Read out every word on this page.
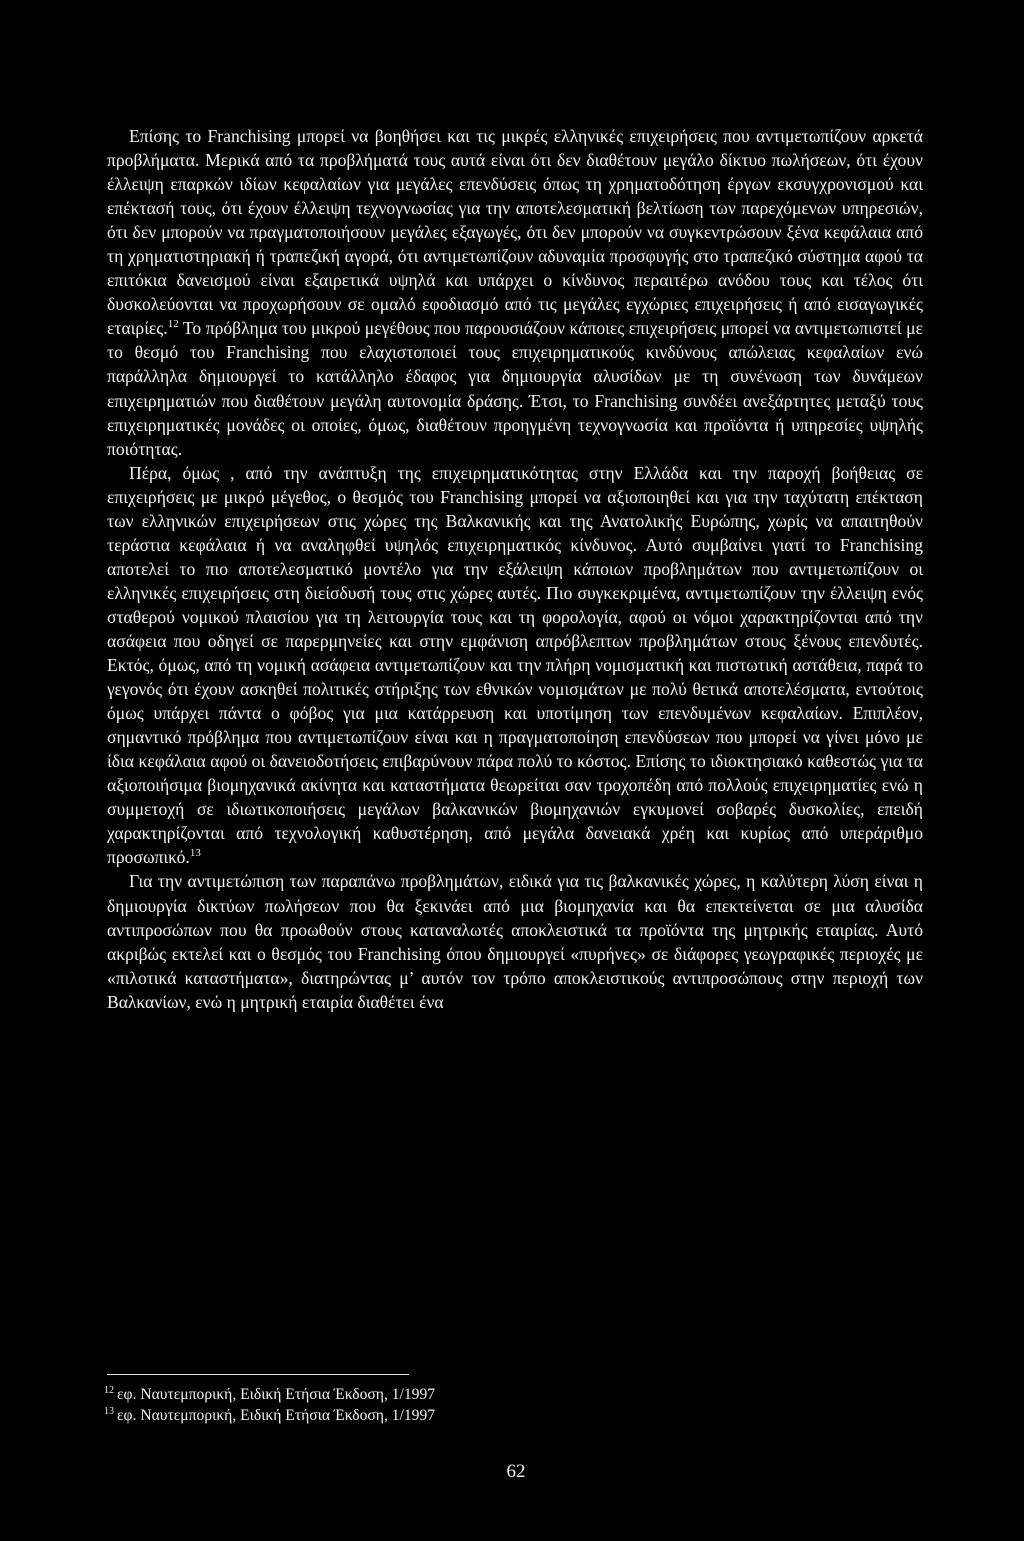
Επίσης το Franchising μπορεί να βοηθήσει και τις μικρές ελληνικές επιχειρήσεις που αντιμετωπίζουν αρκετά προβλήματα. Μερικά από τα προβλήματά τους αυτά είναι ότι δεν διαθέτουν μεγάλο δίκτυο πωλήσεων, ότι έχουν έλλειψη επαρκών ιδίων κεφαλαίων για μεγάλες επενδύσεις όπως τη χρηματοδότηση έργων εκσυγχρονισμού και επέκτασή τους, ότι έχουν έλλειψη τεχνογνωσίας για την αποτελεσματική βελτίωση των παρεχόμενων υπηρεσιών, ότι δεν μπορούν να πραγματοποιήσουν μεγάλες εξαγωγές, ότι δεν μπορούν να συγκεντρώσουν ξένα κεφάλαια από τη χρηματιστηριακή ή τραπεζική αγορά, ότι αντιμετωπίζουν αδυναμία προσφυγής στο τραπεζικό σύστημα αφού τα επιτόκια δανεισμού είναι εξαιρετικά υψηλά και υπάρχει ο κίνδυνος περαιτέρω ανόδου τους και τέλος ότι δυσκολεύονται να προχωρήσουν σε ομαλό εφοδιασμό από τις μεγάλες εγχώριες επιχειρήσεις ή από εισαγωγικές εταιρίες.$^{12}$ Το πρόβλημα του μικρού μεγέθους που παρουσιάζουν κάποιες επιχειρήσεις μπορεί να αντιμετωπιστεί με το θεσμό του Franchising που ελαχιστοποιεί τους επιχειρηματικούς κινδύνους απώλειας κεφαλαίων ενώ παράλληλα δημιουργεί το κατάλληλο έδαφος για δημιουργία αλυσίδων με τη συνένωση των δυνάμεων επιχειρηματιών που διαθέτουν μεγάλη αυτονομία δράσης. Έτσι, το Franchising συνδέει ανεξάρτητες μεταξύ τους επιχειρηματικές μονάδες οι οποίες, όμως, διαθέτουν προηγμένη τεχνογνωσία και προϊόντα ή υπηρεσίες υψηλής ποιότητας.

Πέρα, όμως , από την ανάπτυξη της επιχειρηματικότητας στην Ελλάδα και την παροχή βοήθειας σε επιχειρήσεις με μικρό μέγεθος, ο θεσμός του Franchising μπορεί να αξιοποιηθεί και για την ταχύτατη επέκταση των ελληνικών επιχειρήσεων στις χώρες της Βαλκανικής και της Ανατολικής Ευρώπης, χωρίς να απαιτηθούν τεράστια κεφάλαια ή να αναληφθεί υψηλός επιχειρηματικός κίνδυνος. Αυτό συμβαίνει γιατί το Franchising αποτελεί το πιο αποτελεσματικό μοντέλο για την εξάλειψη κάποιων προβλημάτων που αντιμετωπίζουν οι ελληνικές επιχειρήσεις στη διείσδυσή τους στις χώρες αυτές. Πιο συγκεκριμένα, αντιμετωπίζουν την έλλειψη ενός σταθερού νομικού πλαισίου για τη λειτουργία τους και τη φορολογία, αφού οι νόμοι χαρακτηρίζονται από την ασάφεια που οδηγεί σε παρερμηνείες και στην εμφάνιση απρόβλεπτων προβλημάτων στους ξένους επενδυτές. Εκτός, όμως, από τη νομική ασάφεια αντιμετωπίζουν και την πλήρη νομισματική και πιστωτική αστάθεια, παρά το γεγονός ότι έχουν ασκηθεί πολιτικές στήριξης των εθνικών νομισμάτων με πολύ θετικά αποτελέσματα, εντούτοις όμως υπάρχει πάντα ο φόβος για μια κατάρρευση και υποτίμηση των επενδυμένων κεφαλαίων. Επιπλέον, σημαντικό πρόβλημα που αντιμετωπίζουν είναι και η πραγματοποίηση επενδύσεων που μπορεί να γίνει μόνο με ίδια κεφάλαια αφού οι δανειοδοτήσεις επιβαρύνουν πάρα πολύ το κόστος. Επίσης το ιδιοκτησιακό καθεστώς για τα αξιοποιήσιμα βιομηχανικά ακίνητα και καταστήματα θεωρείται σαν τροχοπέδη από πολλούς επιχειρηματίες ενώ η συμμετοχή σε ιδιωτικοποιήσεις μεγάλων βαλκανικών βιομηχανιών εγκυμονεί σοβαρές δυσκολίες, επειδή χαρακτηρίζονται από τεχνολογική καθυστέρηση, από μεγάλα δανειακά χρέη και κυρίως από υπεράριθμο προσωπικό.$^{13}$

Για την αντιμετώπιση των παραπάνω προβλημάτων, ειδικά για τις βαλκανικές χώρες, η καλύτερη λύση είναι η δημιουργία δικτύων πωλήσεων που θα ξεκινάει από μια βιομηχανία και θα επεκτείνεται σε μια αλυσίδα αντιπροσώπων που θα προωθούν στους καταναλωτές αποκλειστικά τα προϊόντα της μητρικής εταιρίας. Αυτό ακριβώς εκτελεί και ο θεσμός του Franchising όπου δημιουργεί «πυρήνες» σε διάφορες γεωγραφικές περιοχές με «πιλοτικά καταστήματα», διατηρώντας μ’ αυτόν τον τρόπο αποκλειστικούς αντιπροσώπους στην περιοχή των Βαλκανίων, ενώ η μητρική εταιρία διαθέτει ένα

$^{12}$ εφ. Ναυτεμπορική, Ειδική Ετήσια Έκδοση, 1/1997

$^{13}$ εφ. Ναυτεμπορική, Ειδική Ετήσια Έκδοση, 1/1997

62
